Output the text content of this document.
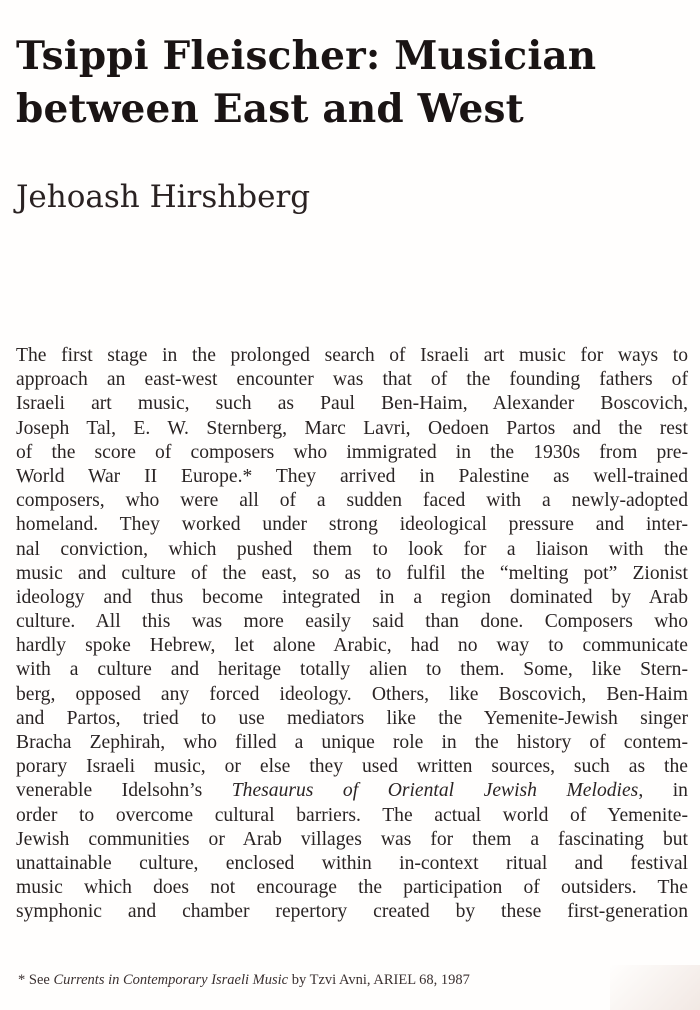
Tsippi Fleischer: Musician
between East and West
Jehoash Hirshberg
The first stage in the prolonged search of Israeli art music for ways to
approach an east-west encounter was that of the founding fathers of
Israeli art music, such as Paul Ben-Haim, Alexander Boscovich,
Joseph Tal, E. W. Sternberg, Marc Lavri, Oedoen Partos and the rest
of the score of composers who immigrated in the 1930s from pre-
World War II Europe.* They arrived in Palestine as well-trained
composers, who were all of a sudden faced with a newly-adopted
homeland. They worked under strong ideological pressure and inter-
nal conviction, which pushed them to look for a liaison with the
music and culture of the east, so as to fulfil the “melting pot” Zionist
ideology and thus become integrated in a region dominated by Arab
culture. All this was more easily said than done. Composers who
hardly spoke Hebrew, let alone Arabic, had no way to communicate
with a culture and heritage totally alien to them. Some, like Stern-
berg, opposed any forced ideology. Others, like Boscovich, Ben-Haim
and Partos, tried to use mediators like the Yemenite-Jewish singer
Bracha Zephirah, who filled a unique role in the history of contem-
porary Israeli music, or else they used written sources, such as the
venerable Idelsohn’s Thesaurus of Oriental Jewish Melodies, in
order to overcome cultural barriers. The actual world of Yemenite-
Jewish communities or Arab villages was for them a fascinating but
unattainable culture, enclosed within in-context ritual and festival
music which does not encourage the participation of outsiders. The
symphonic and chamber repertory created by these first-generation
* See Currents in Contemporary Israeli Music by Tzvi Avni, ARIEL 68, 1987
